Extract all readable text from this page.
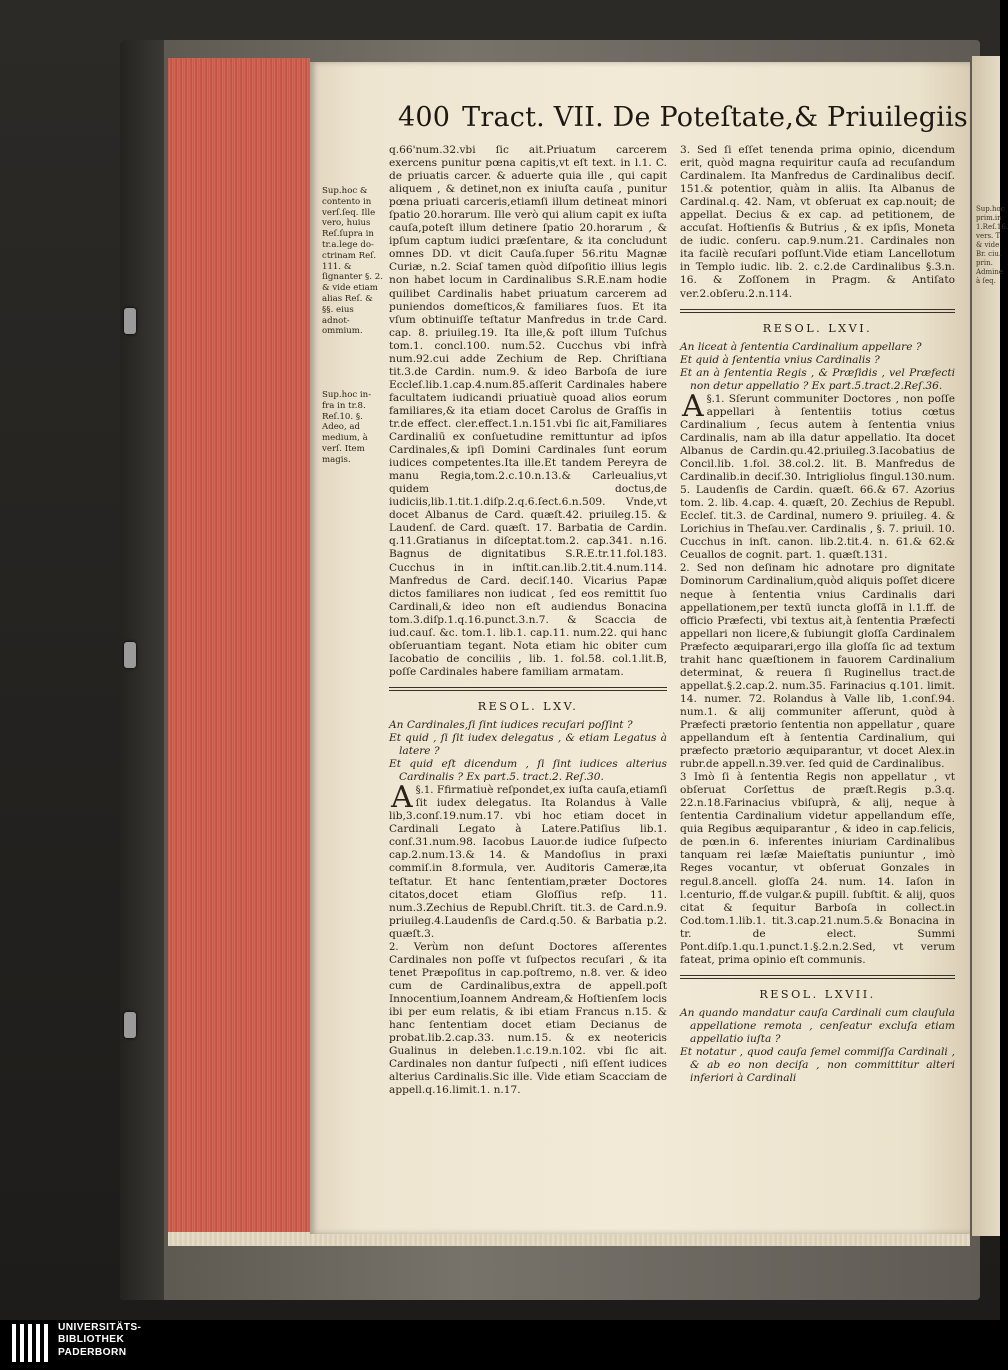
Sup.hoc
prim.in
1.Reſ.16.
vers. T
& vide
Br. ciu.
prin.
Admine
à ſeq.
400 Tract. VII. De Poteſtate,& Priuilegiis
Sup.hoc & contento in verſ.ſeq. Ille vero, huius Reſ.ſupra in tr.a.lege do- ctrinam Reſ. 111. & ſignanter §. 2. & vide etiam alias Reſ. & §§. eius adnot- ommium.
Sup.hoc in- fra in tr.8. Reſ.10. §. Adeo, ad medium, à verſ. Item magis.

q.66'num.32.vbi ſic ait.Priuatum carcerem exercens punitur pœna capitis,vt eſt text. in l.1. C. de priuatis carcer. & aduerte quia ille , qui capit aliquem , & detinet,non ex iniuſta cauſa , punitur pœna priuati carceris,etiamſi illum detineat minori ſpatio 20.horarum. Ille verò qui alium capit ex iuſta cauſa,poteſt illum detinere ſpatio 20.horarum , & ipſum captum iudici præſentare, & ita concludunt omnes DD. vt dicit Cauſa.ſuper 56.ritu Magnæ Curiæ, n.2. Sciaſ tamen quòd diſpoſitio illius legis non habet locum in Cardinalibus S.R.E.nam hodie quilibet Cardinalis habet priuatum carcerem ad puniendos domeſticos,& familiares ſuos. Et ita vſum obtinuiſſe teſtatur Manfredus in tr.de Card. cap. 8. priuileg.19. Ita ille,& poſt illum Tuſchus tom.1. concl.100. num.52. Cucchus vbi infrà num.92.cui adde Zechium de Rep. Chriſtiana tit.3.de Cardin. num.9. & ideo Barboſa de iure Eccleſ.lib.1.cap.4.num.85.aſſerit Cardinales habere facultatem iudicandi priuatiuè quoad alios eorum familiares,& ita etiam docet Carolus de Graſſis in tr.de effect. cler.effect.1.n.151.vbi ſic ait,Familiares Cardinaliū ex conſuetudine remittuntur ad ipſos Cardinales,& ipſi Domini Cardinales ſunt eorum iudices competentes.Ita ille.Et tandem Pereyra de manu Regia,tom.2.c.10.n.13.& Carleualius,vt quidem doctus,de iudiciis,lib.1.tit.1.diſp.2.q.6.ſect.6.n.509. Vnde,vt docet Albanus de Card. quæſt.42. priuileg.15. & Laudenſ. de Card. quæſt. 17. Barbatia de Cardin. q.11.Gratianus in diſceptat.tom.2. cap.341. n.16. Bagnus de dignitatibus S.R.E.tr.11.fol.183. Cucchus in in inſtit.can.lib.2.tit.4.num.114. Manfredus de Card. deciſ.140. Vicarius Papæ dictos familiares non iudicat , ſed eos remittit ſuo Cardinali,& ideo non eſt audiendus Bonacina tom.3.diſp.1.q.16.punct.3.n.7. & Scaccia de iud.cauſ. &c. tom.1. lib.1. cap.11. num.22. qui hanc obſeruantiam tegant. Nota etiam hic obiter cum Iacobatio de conciliis , lib. 1. fol.58. col.1.lit.B, poſſe Cardinales habere familiam armatam.

RESOL. LXV.

An Cardinales,ſi ſint iudices recuſari poſſint ?

Et quid , ſi ſit iudex delegatus , & etiam Legatus à latere ?

Et quid eſt dicendum , ſi ſint iudices alterius Cardinalis ? Ex part.5. tract.2. Reſ.30.

§.1.
A Ffirmatiuè reſpondet,ex iuſta cauſa,etiamſi ſit iudex delegatus. Ita Rolandus à Valle lib,3.conſ.19.num.17. vbi hoc etiam docet in Cardinali Legato à Latere.Patiſius lib.1. conſ.31.num.98. Iacobus Lauor.de iudice ſuſpecto cap.2.num.13.& 14. & Mandoſius in praxi commiſ.in 8.formula, ver. Auditoris Cameræ,ita teſtatur. Et hanc ſententiam,præter Doctores citatos,docet etiam Gloſſius reſp. 11. num.3.Zechius de Republ.Chriſt. tit.3. de Card.n.9. priuileg.4.Laudenſis de Card.q.50. & Barbatia p.2. quæſt.3.

2. Verùm non deſunt Doctores aſſerentes Cardinales non poſſe vt ſuſpectos recuſari , & ita tenet Præpoſitus in cap.poſtremo, n.8. ver. & ideo cum de Cardinalibus,extra de appell.poſt Innocentium,Ioannem Andream,& Hoſtienſem locis ibi per eum relatis, & ibi etiam Francus n.15. & hanc ſententiam docet etiam Decianus de probat.lib.2.cap.33. num.15. & ex neotericis Gualinus in deleben.1.c.19.n.102. vbi ſic ait. Cardinales non dantur ſuſpecti , niſi eſſent iudices alterius Cardinalis.Sic ille. Vide etiam Scacciam de appell.q.16.limit.1. n.17.

3. Sed ſi eſſet tenenda prima opinio, dicendum erit, quòd magna requiritur cauſa ad recuſandum Cardinalem. Ita Manfredus de Cardinalibus deciſ. 151.& potentior, quàm in aliis. Ita Albanus de Cardinal.q. 42. Nam, vt obſeruat ex cap.nouit; de appellat. Decius & ex cap. ad petitionem, de accuſat. Hoſtienſis & Butrius , & ex ipſis, Moneta de iudic. conſeru. cap.9.num.21. Cardinales non ita facilè recuſari poſſunt.Vide etiam Lancellotum in Templo iudic. lib. 2. c.2.de Cardinalibus §.3.n. 16. & Zoſſonem in Pragm. & Antiſato ver.2.obſeru.2.n.114.

RESOL. LXVI.

An liceat à ſententia Cardinalium appellare ?

Et quid à ſententia vnius Cardinalis ?

Et an à ſententia Regis , & Præſidis , vel Præfecti non detur appellatio ? Ex part.5.tract.2.Reſ.36.

§.1.
A Sſerunt communiter Doctores , non poſſe appellari à ſententiis totius cœtus Cardinalium , ſecus autem à ſententia vnius Cardinalis, nam ab illa datur appellatio. Ita docet Albanus de Cardin.qu.42.priuileg.3.Iacobatius de Concil.lib. 1.fol. 38.col.2. lit. B. Manfredus de Cardinalib.in deciſ.30. Intrigliolus ſingul.130.num. 5. Laudenſis de Cardin. quæſt. 66.& 67. Azorius tom. 2. lib. 4.cap. 4. quæſt, 20. Zechius de Republ. Eccleſ. tit.3. de Cardinal, numero 9. priuileg. 4. & Lorichius in Theſau.ver. Cardinalis , §. 7. priuil. 10. Cucchus in inſt. canon. lib.2.tit.4. n. 61.& 62.& Ceuallos de cognit. part. 1. quæſt.131.

2. Sed non deſinam hic adnotare pro dignitate Dominorum Cardinalium,quòd aliquis poſſet dicere neque à ſententia vnius Cardinalis dari appellationem,per textū iuncta gloſſā in l.1.ff. de officio Præfecti, vbi textus ait,à ſententia Præfecti appellari non licere,& ſubiungit gloſſa Cardinalem Præfecto æquiparari,ergo illa gloſſa ſic ad textum trahit hanc quæſtionem in fauorem Cardinalium determinat, & reuera ſi Ruginellus tract.de appellat.§.2.cap.2. num.35. Farinacius q.101. limit. 14. numer. 72. Rolandus à Valle lib, 1.conſ.94. num.1. & alij communiter aſſerunt, quòd à Præfecti prætorio ſententia non appellatur , quare appellandum eſt à ſententia Cardinalium, qui præfecto prætorio æquiparantur, vt docet Alex.in rubr.de appell.n.39.ver. ſed quid de Cardinalibus.

3 Imò ſi à ſententia Regis non appellatur , vt obſeruat Corſettus de præſt.Regis p.3.q. 22.n.18.Farinacius vbiſuprà, & alij, neque à ſententia Cardinalium videtur appellandum eſſe, quia Regibus æquiparantur , & ideo in cap.felicis, de pœn.in 6. inferentes iniuriam Cardinalibus tanquam rei læſæ Maieſtatis puniuntur , imò Reges vocantur, vt obſeruat Gonzales in regul.8.ancell. gloſſa 24. num. 14. Iaſon in l.centurio, ff.de vulgar.& pupill. ſubſtit. & alij, quos citat & ſequitur Barboſa in collect.in Cod.tom.1.lib.1. tit.3.cap.21.num.5.& Bonacina in tr. de elect. Summi Pont.diſp.1.qu.1.punct.1.§.2.n.2.Sed, vt verum fateat, prima opinio eſt communis.

RESOL. LXVII.

An quando mandatur cauſa Cardinali cum clauſula appellatione remota , cenſeatur excluſa etiam appellatio iuſta ?

Et notatur , quod cauſa ſemel commiſſa Cardinali , & ab eo non deciſa , non committitur alteri inferiori à Cardinali

UNIVERSITÄTS-
BIBLIOTHEK
PADERBORN
